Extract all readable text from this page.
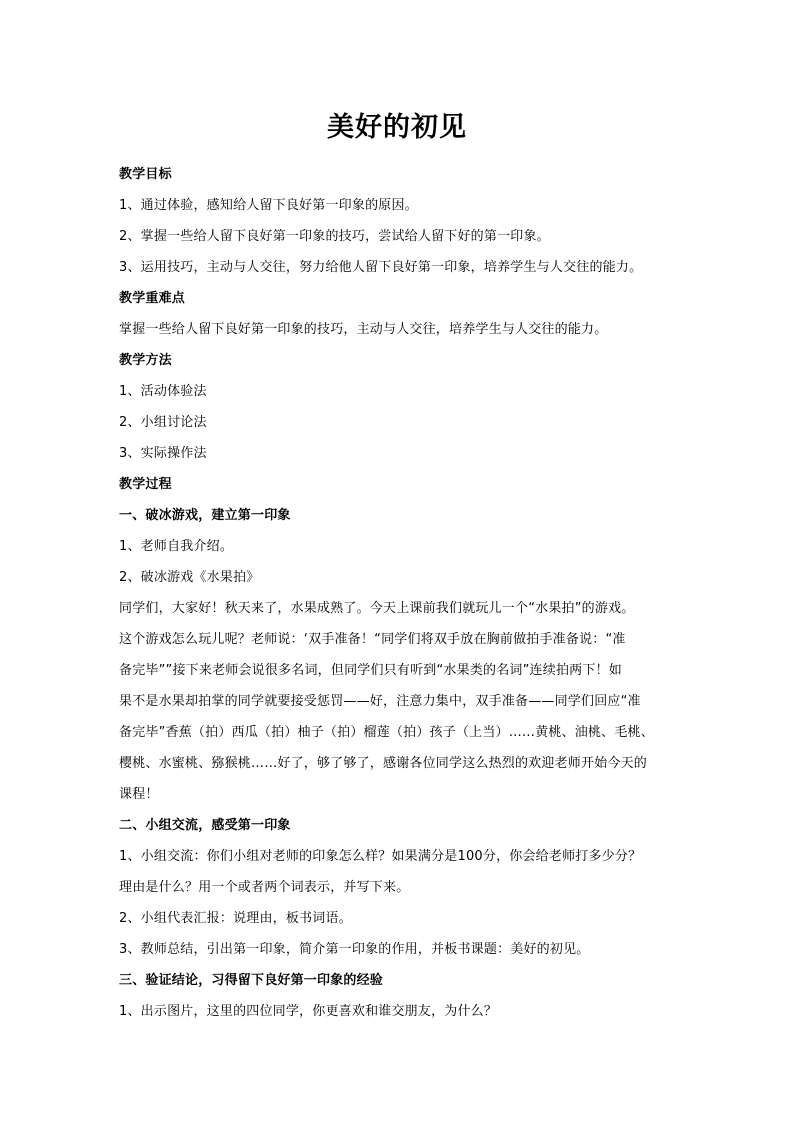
美好的初见
教学目标
1、通过体验，感知给人留下良好第一印象的原因。
2、掌握一些给人留下良好第一印象的技巧，尝试给人留下好的第一印象。
3、运用技巧，主动与人交往，努力给他人留下良好第一印象，培养学生与人交往的能力。
教学重难点
掌握一些给人留下良好第一印象的技巧，主动与人交往，培养学生与人交往的能力。
教学方法
1、活动体验法
2、小组讨论法
3、实际操作法
教学过程
一、破冰游戏，建立第一印象
1、老师自我介绍。
2、破冰游戏《水果拍》
同学们，大家好！秋天来了，水果成熟了。今天上课前我们就玩儿一个“水果拍”的游戏。
这个游戏怎么玩儿呢？老师说：‘双手准备！“同学们将双手放在胸前做拍手准备说：“准
备完毕””接下来老师会说很多名词，但同学们只有听到“水果类的名词”连续拍两下！如
果不是水果却拍掌的同学就要接受惩罚——好，注意力集中，双手准备——同学们回应“准
备完毕”香蕉（拍）西瓜（拍）柚子（拍）榴莲（拍）孩子（上当）……黄桃、油桃、毛桃、
樱桃、水蜜桃、猕猴桃……好了，够了够了，感谢各位同学这么热烈的欢迎老师开始今天的
课程！
二、小组交流，感受第一印象
1、小组交流：你们小组对老师的印象怎么样？如果满分是100分，你会给老师打多少分？
理由是什么？用一个或者两个词表示，并写下来。
2、小组代表汇报：说理由，板书词语。
3、教师总结，引出第一印象，简介第一印象的作用，并板书课题：美好的初见。
三、验证结论，习得留下良好第一印象的经验
1、出示图片，这里的四位同学，你更喜欢和谁交朋友，为什么？
